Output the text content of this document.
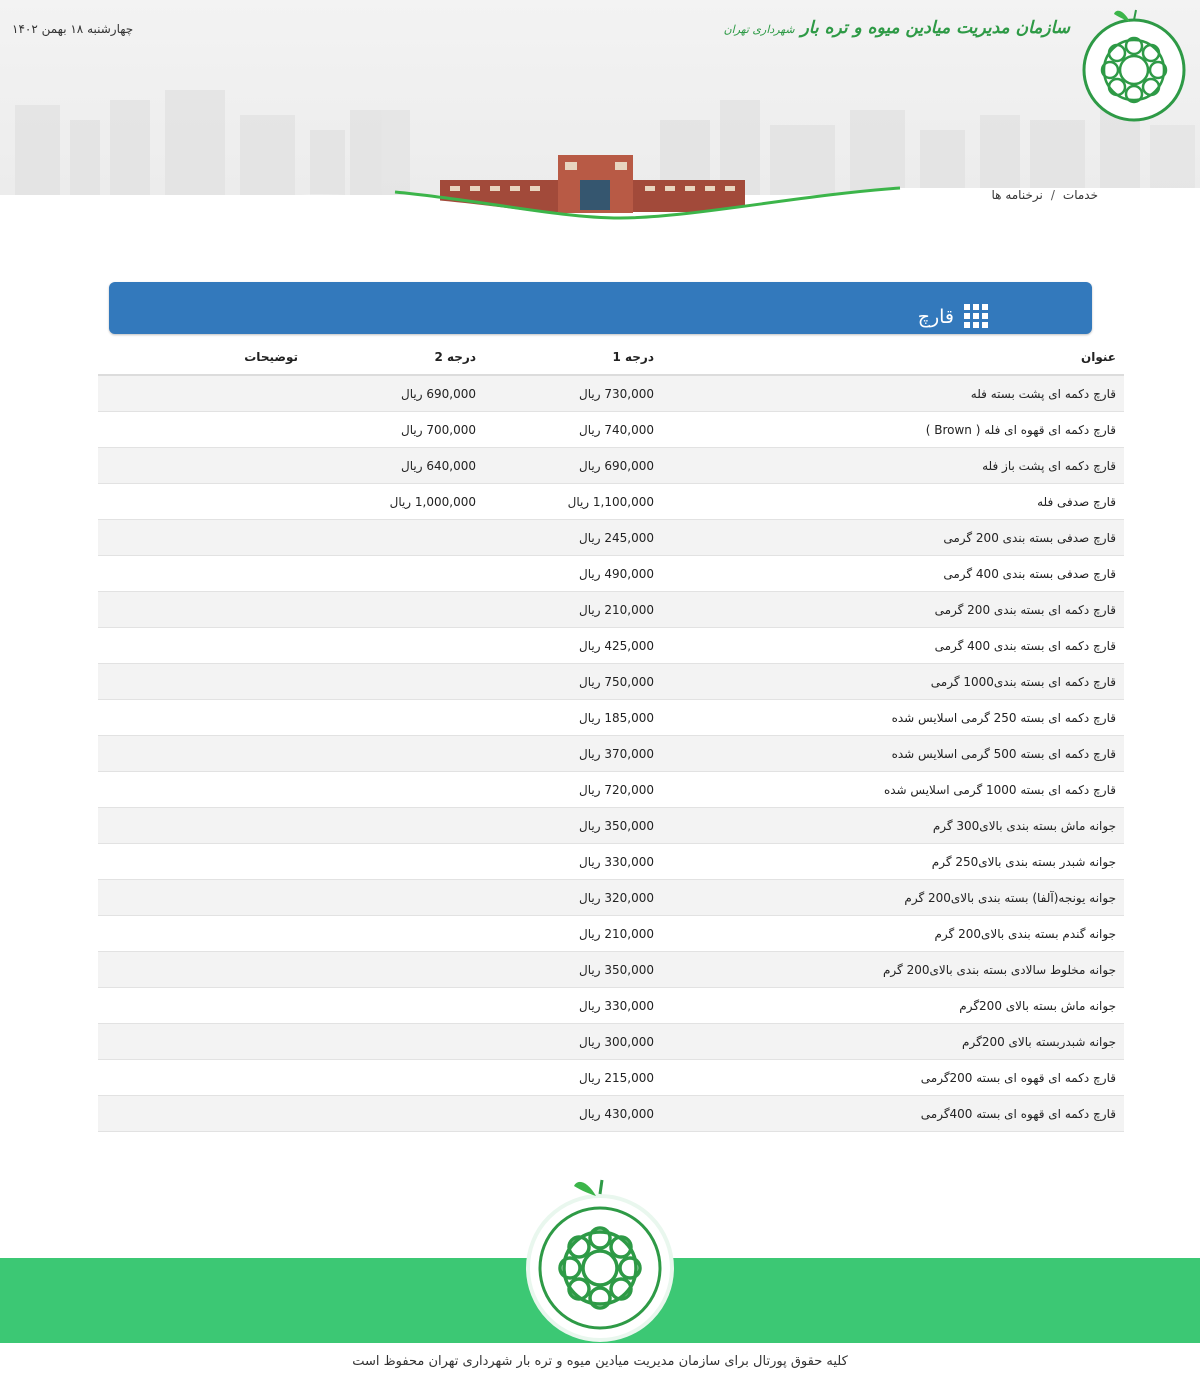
چهارشنبه ۱۸ بهمن ۱۴۰۲	سازمان مدیریت میادین میوه و تره بار شهرداری تهران
خدمات/نرخنامه ها
قارچ
عنوان	درجه 1	درجه 2	توضیحات
قارچ دکمه ای پشت بسته فله	730,000 ریال	690,000 ریال	
قارچ دکمه ای قهوه ای فله ( Brown )	740,000 ریال	700,000 ریال	
قارچ دکمه ای پشت باز فله	690,000 ریال	640,000 ریال	
قارچ صدفی فله	1,100,000 ریال	1,000,000 ریال	
قارچ صدفی بسته بندی 200 گرمی	245,000 ریال		
قارچ صدفی بسته بندی 400 گرمی	490,000 ریال		
قارچ دکمه ای بسته بندی 200 گرمی	210,000 ریال		
قارچ دکمه ای بسته بندی 400 گرمی	425,000 ریال		
قارچ دکمه ای بسته بندی1000 گرمی	750,000 ریال		
قارچ دکمه ای بسته 250 گرمی اسلایس شده	185,000 ریال		
قارچ دکمه ای بسته 500 گرمی اسلایس شده	370,000 ریال		
قارچ دکمه ای بسته 1000 گرمی اسلایس شده	720,000 ریال		
جوانه ماش بسته بندی بالای300 گرم	350,000 ریال		
جوانه شبدر بسته بندی بالای250 گرم	330,000 ریال		
جوانه یونجه(آلفا) بسته بندی بالای200 گرم	320,000 ریال		
جوانه گندم بسته بندی بالای200 گرم	210,000 ریال		
جوانه مخلوط سالادی بسته بندی بالای200 گرم	350,000 ریال		
جوانه ماش بسته بالای 200گرم	330,000 ریال		
جوانه شبدربسته بالای 200گرم	300,000 ریال		
قارچ دکمه ای قهوه ای بسته 200گرمی	215,000 ریال		
قارچ دکمه ای قهوه ای بسته 400گرمی	430,000 ریال		
کلیه حقوق پورتال برای سازمان مدیریت میادین میوه و تره بار شهرداری تهران محفوظ است
